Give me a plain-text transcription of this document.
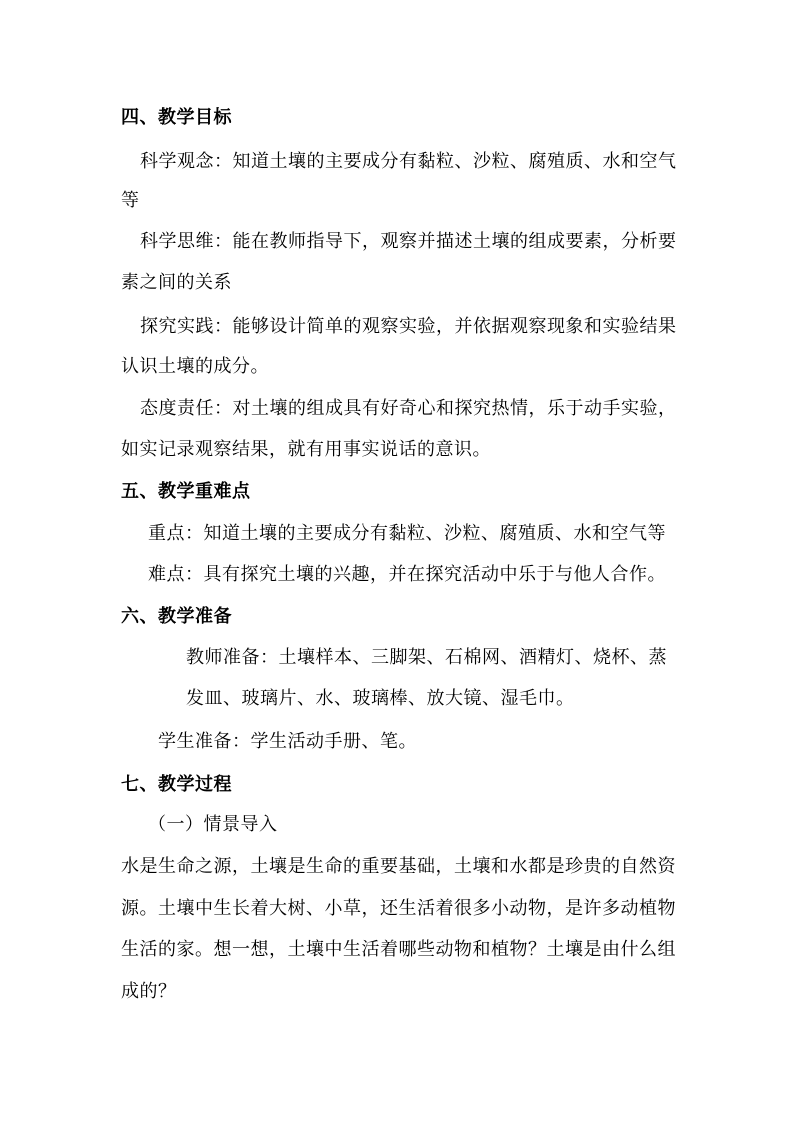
四、教学目标
科学观念：知道土壤的主要成分有黏粒、沙粒、腐殖质、水和空气
等
科学思维：能在教师指导下，观察并描述土壤的组成要素，分析要
素之间的关系
探究实践：能够设计简单的观察实验，并依据观察现象和实验结果
认识土壤的成分。
态度责任：对土壤的组成具有好奇心和探究热情，乐于动手实验，
如实记录观察结果，就有用事实说话的意识。
五、教学重难点
重点：知道土壤的主要成分有黏粒、沙粒、腐殖质、水和空气等
难点：具有探究土壤的兴趣，并在探究活动中乐于与他人合作。
六、教学准备
教师准备：土壤样本、三脚架、石棉网、酒精灯、烧杯、蒸
发皿、玻璃片、水、玻璃棒、放大镜、湿毛巾。
学生准备：学生活动手册、笔。
七、教学过程
（一）情景导入
水是生命之源，土壤是生命的重要基础，土壤和水都是珍贵的自然资
源。土壤中生长着大树、小草，还生活着很多小动物，是许多动植物
生活的家。想一想，土壤中生活着哪些动物和植物？土壤是由什么组
成的？
